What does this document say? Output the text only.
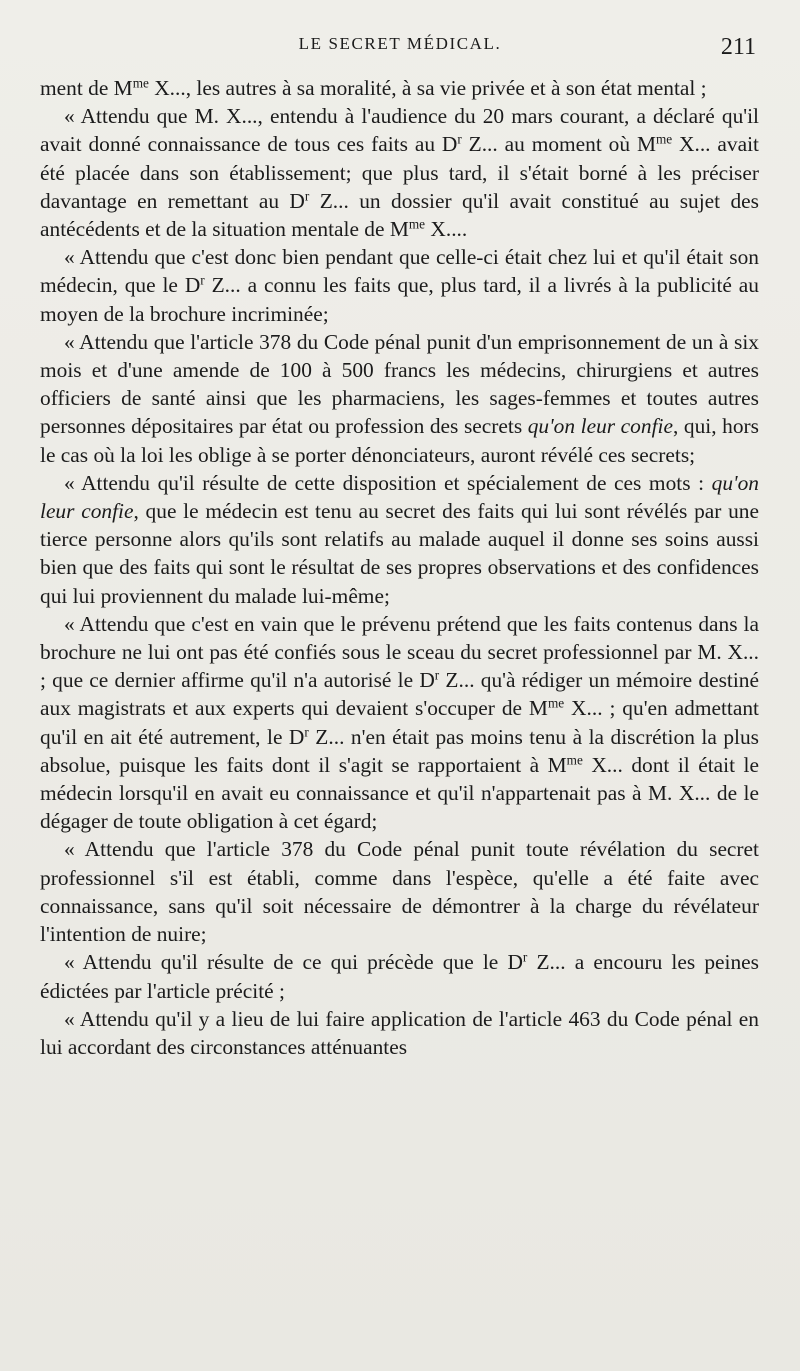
LE SECRET MÉDICAL.	211

ment de $M^{me}$ X..., les autres à sa moralité, à sa vie privée et à son état mental ;

« Attendu que M. X..., entendu à l'audience du 20 mars courant, a déclaré qu'il avait donné connaissance de tous ces faits au $D^r$ Z... au moment où $M^{me}$ X... avait été placée dans son établissement; que plus tard, il s'était borné à les préciser davantage en remettant au $D^r$ Z... un dossier qu'il avait constitué au sujet des antécédents et de la situation mentale de $M^{me}$ X....

« Attendu que c'est donc bien pendant que celle-ci était chez lui et qu'il était son médecin, que le $D^r$ Z... a connu les faits que, plus tard, il a livrés à la publicité au moyen de la brochure incriminée;

« Attendu que l'article 378 du Code pénal punit d'un emprisonnement de un à six mois et d'une amende de 100 à 500 francs les médecins, chirurgiens et autres officiers de santé ainsi que les pharmaciens, les sages-femmes et toutes autres personnes dépositaires par état ou profession des secrets qu'on leur confie, qui, hors le cas où la loi les oblige à se porter dénonciateurs, auront révélé ces secrets;

« Attendu qu'il résulte de cette disposition et spécialement de ces mots : qu'on leur confie, que le médecin est tenu au secret des faits qui lui sont révélés par une tierce personne alors qu'ils sont relatifs au malade auquel il donne ses soins aussi bien que des faits qui sont le résultat de ses propres observations et des confidences qui lui proviennent du malade lui-même;

« Attendu que c'est en vain que le prévenu prétend que les faits contenus dans la brochure ne lui ont pas été confiés sous le sceau du secret professionnel par M. X... ; que ce dernier affirme qu'il n'a autorisé le $D^r$ Z... qu'à rédiger un mémoire destiné aux magistrats et aux experts qui devaient s'occuper de $M^{me}$ X... ; qu'en admettant qu'il en ait été autrement, le $D^r$ Z... n'en était pas moins tenu à la discrétion la plus absolue, puisque les faits dont il s'agit se rapportaient à $M^{me}$ X... dont il était le médecin lorsqu'il en avait eu connaissance et qu'il n'appartenait pas à M. X... de le dégager de toute obligation à cet égard;

« Attendu que l'article 378 du Code pénal punit toute révélation du secret professionnel s'il est établi, comme dans l'espèce, qu'elle a été faite avec connaissance, sans qu'il soit nécessaire de démontrer à la charge du révélateur l'intention de nuire;

« Attendu qu'il résulte de ce qui précède que le $D^r$ Z... a encouru les peines édictées par l'article précité ;

« Attendu qu'il y a lieu de lui faire application de l'article 463 du Code pénal en lui accordant des circonstances atténuantes
